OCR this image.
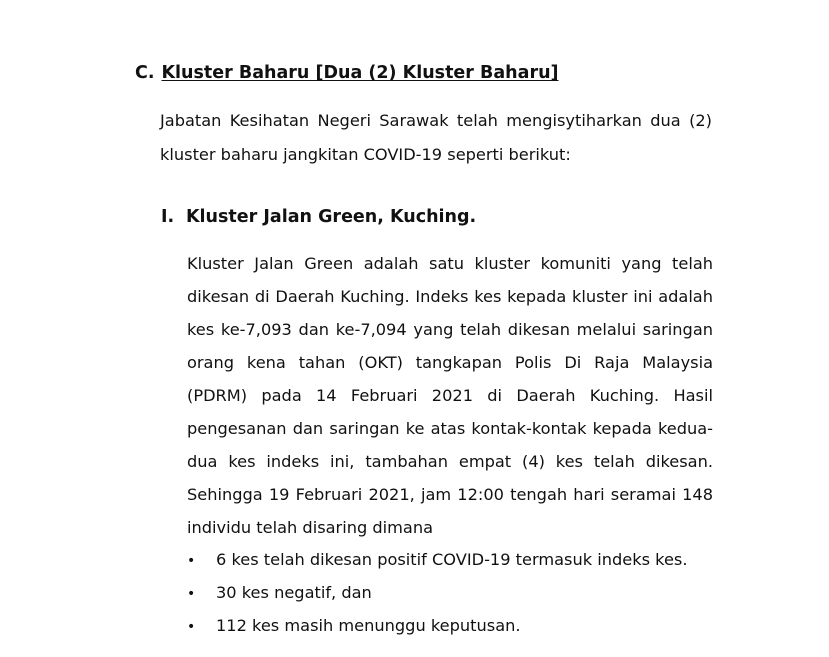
C. Kluster Baharu [Dua (2) Kluster Baharu]

Jabatan Kesihatan Negeri Sarawak telah mengisytiharkan dua (2) kluster baharu jangkitan COVID-19 seperti berikut:

I. Kluster Jalan Green, Kuching.

Kluster Jalan Green adalah satu kluster komuniti yang telah dikesan di Daerah Kuching. Indeks kes kepada kluster ini adalah kes ke-7,093 dan ke-7,094 yang telah dikesan melalui saringan orang kena tahan (OKT) tangkapan Polis Di Raja Malaysia (PDRM) pada 14 Februari 2021 di Daerah Kuching. Hasil pengesanan dan saringan ke atas kontak-kontak kepada kedua-dua kes indeks ini, tambahan empat (4) kes telah dikesan. Sehingga 19 Februari 2021, jam 12:00 tengah hari seramai 148 individu telah disaring dimana

• 6 kes telah dikesan positif COVID-19 termasuk indeks kes.
• 30 kes negatif, dan
• 112 kes masih menunggu keputusan.
